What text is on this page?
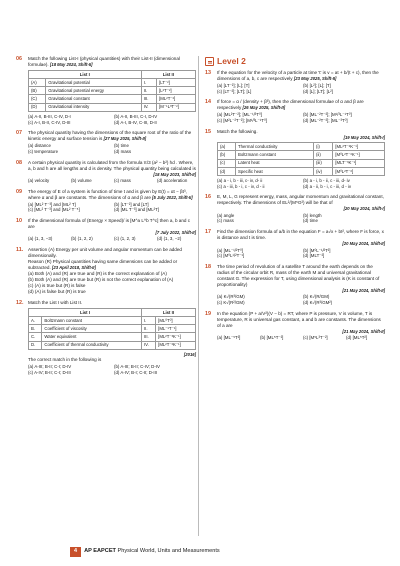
06 Match the following List-I (physical quantities) with their List-II (dimensional formulae). [18 May 2024, Shift-II]
List I		List II	
(A)	Gravitational potential	I.	[LT⁻²]
(B)	Gravitational potential energy	II.	[L²T⁻²]
(C)	Gravitational constant	III.	[ML²T⁻²]
(D)	Gravitational intensity	IV.	[M⁻¹L³T⁻²]
(a) A-II, B-III, C-IV, D-I	(b) A-II, B-III, C-I, D-IV
(c) A-I, B-II, C-IV, D-III	(d) A-I, B-IV, C-III, D-II
07 The physical quantity having the dimensions of the square root of the ratio of the kinetic energy and surface tension is [27 May 2025, Shift-II]
(a) distance	(b) time
(c) temperature	(d) mass
08 A certain physical quantity is calculated from the formula π/3 (a² − b²) hd . Where, a, b and h are all lengths and d is density. The physical quantity being calculated is
[18 May 2023, Shift-II]
(a) velocity	(b) volume	(c) mass	(d) acceleration
09 The energy of E of a system is function of time t and is given by E(t) = αt − βt³, where α and β are constants. The dimensions of α and β are [5 July 2022, Shift-II]
(a) [ML² T⁻³] and [ML² T]	(b) [LT⁻²] and [LT]
(c) [ML² T⁻³] and [ML² T⁻⁵]	(d) [ML T⁻³] and [ML²T]
10 If the dimensional formula of (Energy × Speed)/ is [M^a L^b T^c] then a, b and c are
[7 July 2022, Shift-II]
(a) (1, 3, −3)	(b) (1, 2, 2)	(c) (1, 2, 3)	(d) (1, 3, −2)
11. Assertion (A) Energy per unit volume and angular momentum can be added dimensionally.
Reason (R) Physical quantities having same dimensions can be added or subtracted. [23 April 2018, Shift-II]
(a) Both (A) and (R) are true and (R) is the correct explanation of (A)
(b) Both (A) and (R) are true but (R) is not the correct explanation of (A)
(c) (A) is true but (R) is false
(d) (A) is false but (R) is true
12. Match the List I with List II.
List I		List II	
A.	Boltzmann constant	I.	[ML⁰T⁰]
B.	Coefficient of viscosity	II.	[ML⁻¹T⁻¹]
C.	Water equivalent	III.	[ML²T⁻³K⁻¹]
D.	Coefficient of thermal conductivity	IV.	[ML²T⁻²K⁻¹]
[2016]
The correct match in the following is
(a) A-III; B-II; C-I; D-IV	(b) A-III; B-II; C-IV; D-IV
(c) A-IV; B-II; C-I; D-III	(d) A-IV; B-I; C-II; D-III
Level 2
13 If the equation for the velocity of a particle at time 't' is v = at + b/(t + c), then the dimensions of a, b, c are respectively [23 May 2025, Shift-II]
(a) [LT⁻²]; [L]; [T]	(b) [L²]; [L]; [T]
(c) [LT⁻²]; [LT]; [L]	(d) [L]; [LT]; [L²]
14 If force = α / (density + β³), then the dimensional formulae of α and β are respectively [26 May 2025, Shift-II]
(a) [ML²T⁻²]; [ML⁻¹/³T⁰]	(b) [ML⁻²T⁻²]; [M¹/³L⁻¹T⁰]
(c) [M²L⁻²T⁻²]; [M¹/³L⁻¹T⁰]	(d) [ML⁻²T⁻²]; [ML⁻³T⁰]
15 Match the following.
[19 May 2024, Shift-I]
(a)	Thermal conductivity	(i)	[ML²T⁻²K⁻¹]
(b)	Boltzmann constant	(ii)	[M⁰L²T⁻²K⁻¹]
(c)	Latent heat	(iii)	[MLT⁻³K⁻¹]
(d)	Specific heat	(iv)	[M⁰L²T⁻²]
(a) a - i, b - iii, c- iv, d- ii	(b) a - i, b - ii, c - iii, d- iv
(c) a - iii, b - i, c - iv, d - ii	(d) a - ii, b - i, c - iii, d - iv
16 E, M, L, G represent energy, mass, angular momentum and gravitational constant, respectively. The dimensions of EL²/(M⁵G²) will be that of
[20 May 2024, Shift-I]
(a) angle	(b) length
(c) mass	(d) time
17 Find the dimension formula of a/b in the equation F = a√x + bt², where F is force, x is distance and t is time.
[20 May 2024, Shift-II]
(a) [ML⁻¹/²T⁰]	(b) [M⁰L⁻¹/²T²]
(c) [M⁰L¹/²T⁻¹]	(d) [MLT⁻²]
18 The time period of revolution of a satellite T around the earth depends on the radius of the circular orbit R, mass of the earth M and universal gravitational constant G. The expression for T, using dimensional analysis is (K is constant of proportionality)
[21 May 2024, Shift-II]
(a) K√(R³/GM)	(b) K√(R/GM)
(c) K√(R²/GM)	(d) K√(R³/GM²)
19 In the equation (P + a/V²)(V − b) = RT, where P is pressure, V is volume, T is temperature, R is universal gas constant, a and b are constants. The dimensions of a are
[21 May 2024, Shift-II]
(a) [ML⁻⁵T²]	(b) [ML⁵T⁻²]	(c) [M⁵L³T⁻²]	(d) [ML⁵T²]
4	AP EAPCET Physical World, Units and Measurements
